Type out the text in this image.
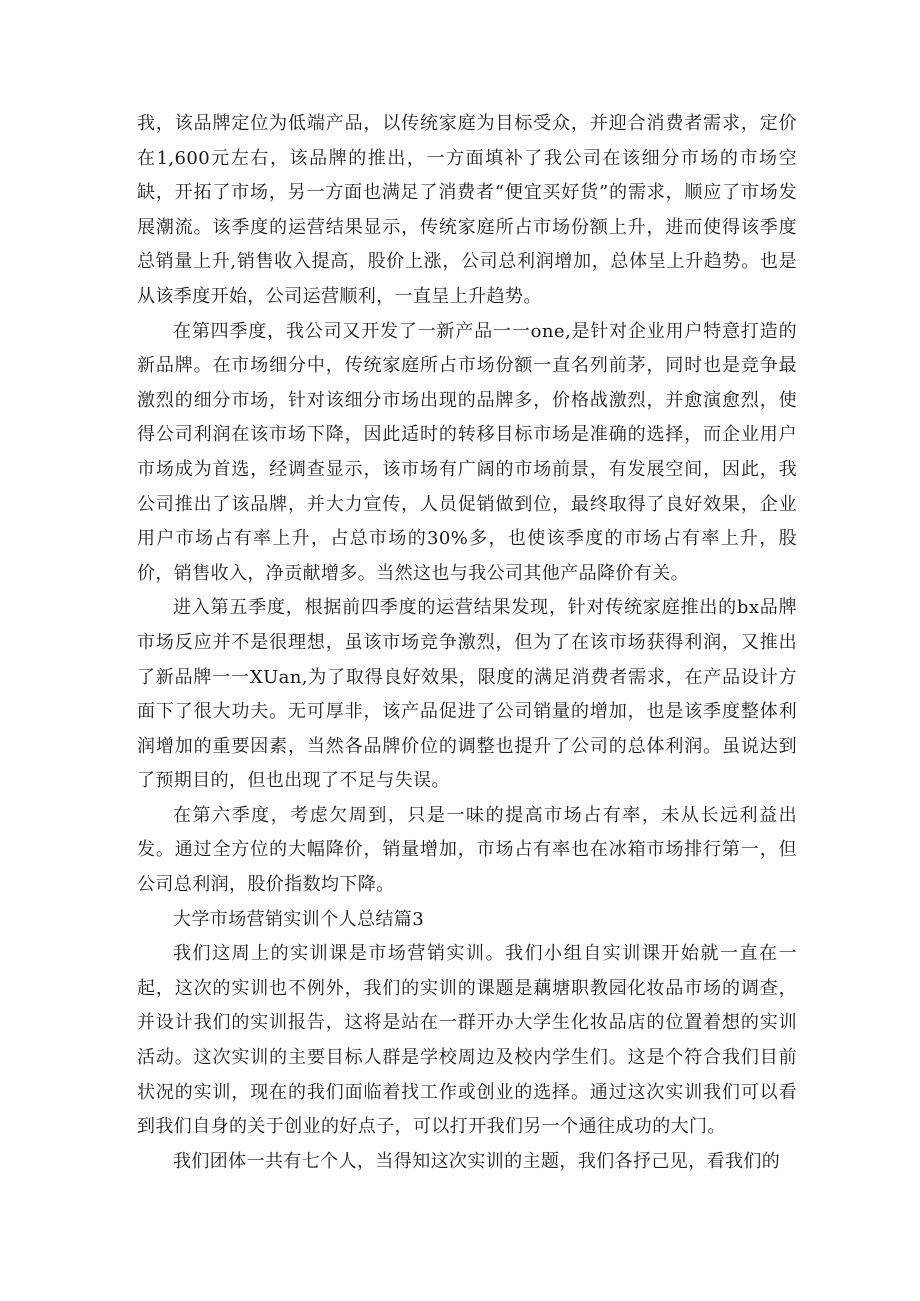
我，该品牌定位为低端产品，以传统家庭为目标受众，并迎合消费者需求，定价在1,600元左右，该品牌的推出，一方面填补了我公司在该细分市场的市场空缺，开拓了市场，另一方面也满足了消费者“便宜买好货”的需求，顺应了市场发展潮流。该季度的运营结果显示，传统家庭所占市场份额上升，进而使得该季度总销量上升,销售收入提高，股价上涨，公司总利润增加，总体呈上升趋势。也是从该季度开始，公司运营顺利，一直呈上升趋势。

在第四季度，我公司又开发了一新产品一一one,是针对企业用户特意打造的新品牌。在市场细分中，传统家庭所占市场份额一直名列前茅，同时也是竞争最激烈的细分市场，针对该细分市场出现的品牌多，价格战激烈，并愈演愈烈，使得公司利润在该市场下降，因此适时的转移目标市场是准确的选择，而企业用户市场成为首选，经调查显示，该市场有广阔的市场前景，有发展空间，因此，我公司推出了该品牌，并大力宣传，人员促销做到位，最终取得了良好效果，企业用户市场占有率上升，占总市场的30%多，也使该季度的市场占有率上升，股价，销售收入，净贡献增多。当然这也与我公司其他产品降价有关。

进入第五季度，根据前四季度的运营结果发现，针对传统家庭推出的bx品牌市场反应并不是很理想，虽该市场竞争激烈，但为了在该市场获得利润，又推出了新品牌一一XUan,为了取得良好效果，限度的满足消费者需求，在产品设计方面下了很大功夫。无可厚非，该产品促进了公司销量的增加，也是该季度整体利润增加的重要因素，当然各品牌价位的调整也提升了公司的总体利润。虽说达到了预期目的，但也出现了不足与失误。

在第六季度，考虑欠周到，只是一味的提高市场占有率，未从长远利益出发。通过全方位的大幅降价，销量增加，市场占有率也在冰箱市场排行第一，但公司总利润，股价指数均下降。

大学市场营销实训个人总结篇3

我们这周上的实训课是市场营销实训。我们小组自实训课开始就一直在一起，这次的实训也不例外，我们的实训的课题是藕塘职教园化妆品市场的调查，并设计我们的实训报告，这将是站在一群开办大学生化妆品店的位置着想的实训活动。这次实训的主要目标人群是学校周边及校内学生们。这是个符合我们目前状况的实训，现在的我们面临着找工作或创业的选择。通过这次实训我们可以看到我们自身的关于创业的好点子，可以打开我们另一个通往成功的大门。

我们团体一共有七个人，当得知这次实训的主题，我们各抒己见，看我们的
